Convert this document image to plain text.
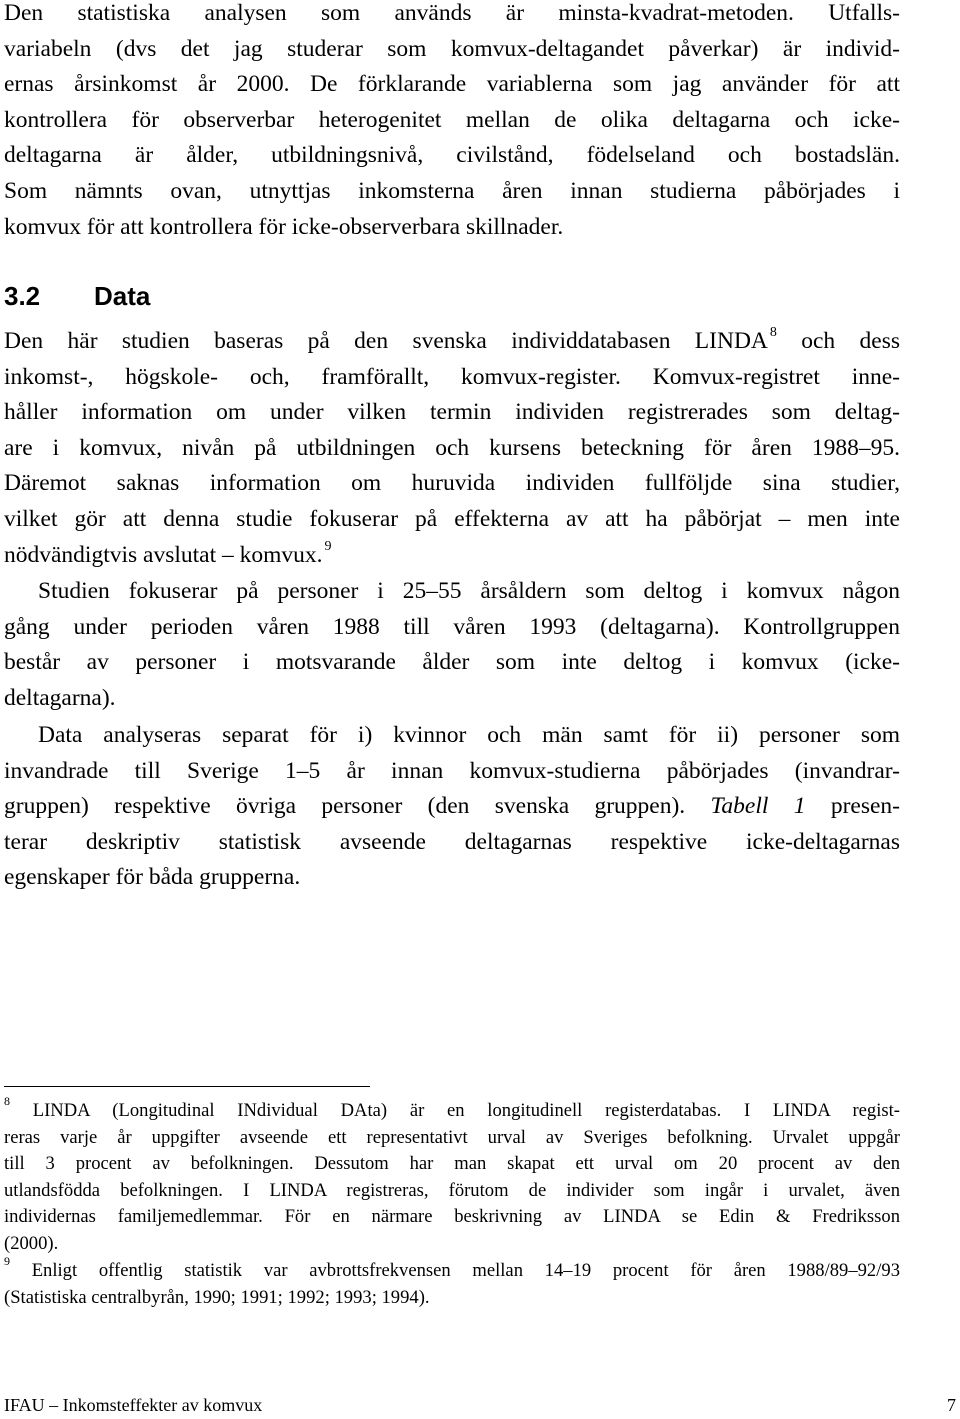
Den statistiska analysen som används är minsta-kvadrat-metoden. Utfalls-
variabeln (dvs det jag studerar som komvux-deltagandet påverkar) är individ-
ernas årsinkomst år 2000. De förklarande variablerna som jag använder för att
kontrollera för observerbar heterogenitet mellan de olika deltagarna och icke-
deltagarna är ålder, utbildningsnivå, civilstånd, födelseland och bostadslän.
Som nämnts ovan, utnyttjas inkomsterna åren innan studierna påbörjades i
komvux för att kontrollera för icke-observerbara skillnader.

3.2 Data

Den här studien baseras på den svenska individdatabasen LINDA  $^8$ och dess
inkomst-, högskole- och, framförallt, komvux-register. Komvux-registret inne-
håller information om under vilken termin individen registrerades som deltag-
are i komvux, nivån på utbildningen och kursens beteckning för åren 1988–95.
Däremot saknas information om huruvida individen fullföljde sina studier,
vilket gör att denna studie fokuserar på effekterna av att ha påbörjat – men inte
nödvändigtvis avslutat – komvux.  $^9$

Studien fokuserar på personer i 25–55 årsåldern som deltog i komvux någon
gång under perioden våren 1988 till våren 1993 (deltagarna). Kontrollgruppen
består av personer i motsvarande ålder som inte deltog i komvux (icke-
deltagarna).

Data analyseras separat för i) kvinnor och män samt för ii) personer som
invandrade till Sverige 1–5 år innan komvux-studierna påbörjades (invandrar-
gruppen) respektive övriga personer (den svenska gruppen). Tabell 1 presen-
terar deskriptiv statistisk avseende deltagarnas respektive icke-deltagarnas
egenskaper för båda grupperna.

$^8$ LINDA (Longitudinal INdividual DAta) är en longitudinell registerdatabas. I LINDA regist-
reras varje år uppgifter avseende ett representativt urval av Sveriges befolkning. Urvalet uppgår
till 3 procent av befolkningen. Dessutom har man skapat ett urval om 20 procent av den
utlandsfödda befolkningen. I LINDA registreras, förutom de individer som ingår i urvalet, även
individernas familjemedlemmar. För en närmare beskrivning av LINDA se Edin & Fredriksson
(2000).

$^9$ Enligt offentlig statistik var avbrottsfrekvensen mellan 14–19 procent för åren 1988/89–92/93
(Statistiska centralbyrån, 1990; 1991; 1992; 1993; 1994).

IFAU – Inkomsteffekter av komvux	7
